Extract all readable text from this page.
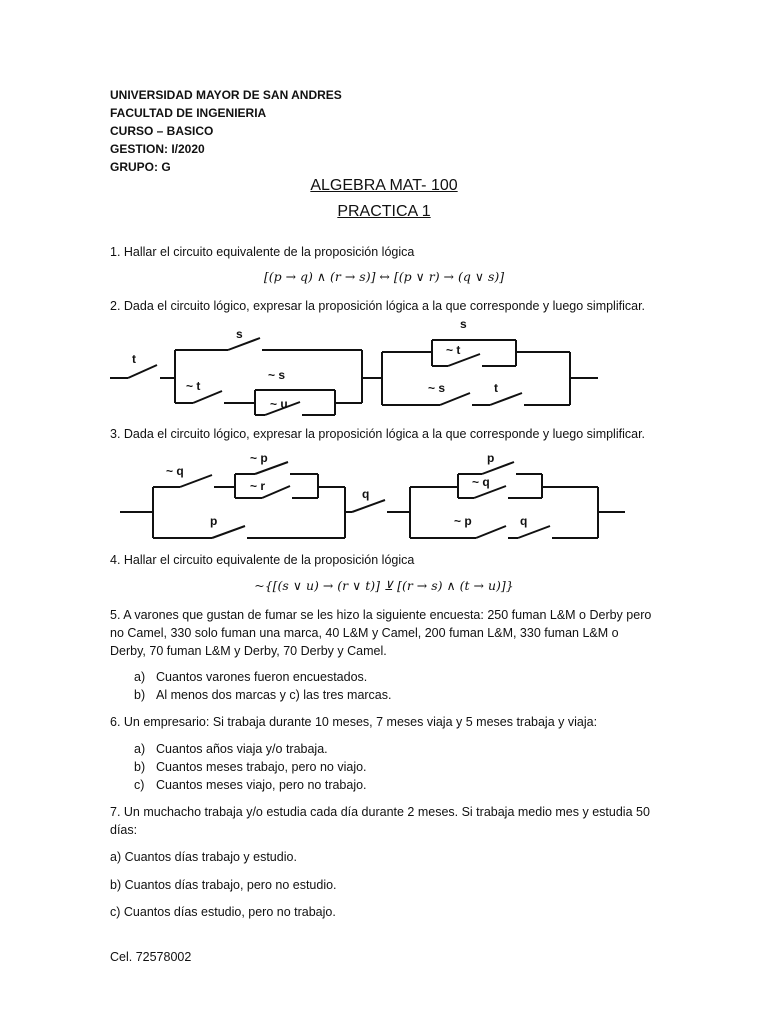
UNIVERSIDAD MAYOR DE SAN ANDRES
FACULTAD DE INGENIERIA
CURSO – BASICO
GESTION: I/2020
GRUPO: G
ALGEBRA MAT- 100
PRACTICA 1
1. Hallar el circuito equivalente de la proposición lógica
[(p → q) ∧ (r → s)] ↔ [(p ∨ r) → (q ∨ s)]
2. Dada el circuito lógico, expresar la proposición lógica a la que corresponde y luego simplificar.
t
s
~ t
~ s
~ u
s
~ t
~ s	t
~ q
~ p
~ r
p
q
p
~ q
~ p	q
3. Dada el circuito lógico, expresar la proposición lógica a la que corresponde y luego simplificar.
4. Hallar el circuito equivalente de la proposición lógica
~{[(s ∨ u) → (r ∨ t)] ⊻ [(r → s) ∧ (t → u)]}
5. A varones que gustan de fumar se les hizo la siguiente encuesta: 250 fuman L&M o Derby pero no Camel, 330 solo fuman una marca, 40 L&M y Camel, 200 fuman L&M, 330 fuman L&M o Derby, 70 fuman L&M y Derby, 70 Derby y Camel.
a) Cuantos varones fueron encuestados.
b) Al menos dos marcas y c) las tres marcas.
6. Un empresario: Si trabaja durante 10 meses, 7 meses viaja y 5 meses trabaja y viaja:
a) Cuantos años viaja y/o trabaja.
b) Cuantos meses trabajo, pero no viajo.
c) Cuantos meses viajo, pero no trabajo.
7. Un muchacho trabaja y/o estudia cada día durante 2 meses. Si trabaja medio mes y estudia 50 días:
a) Cuantos días trabajo y estudio.
b) Cuantos días trabajo, pero no estudio.
c) Cuantos días estudio, pero no trabajo.
Cel. 72578002
